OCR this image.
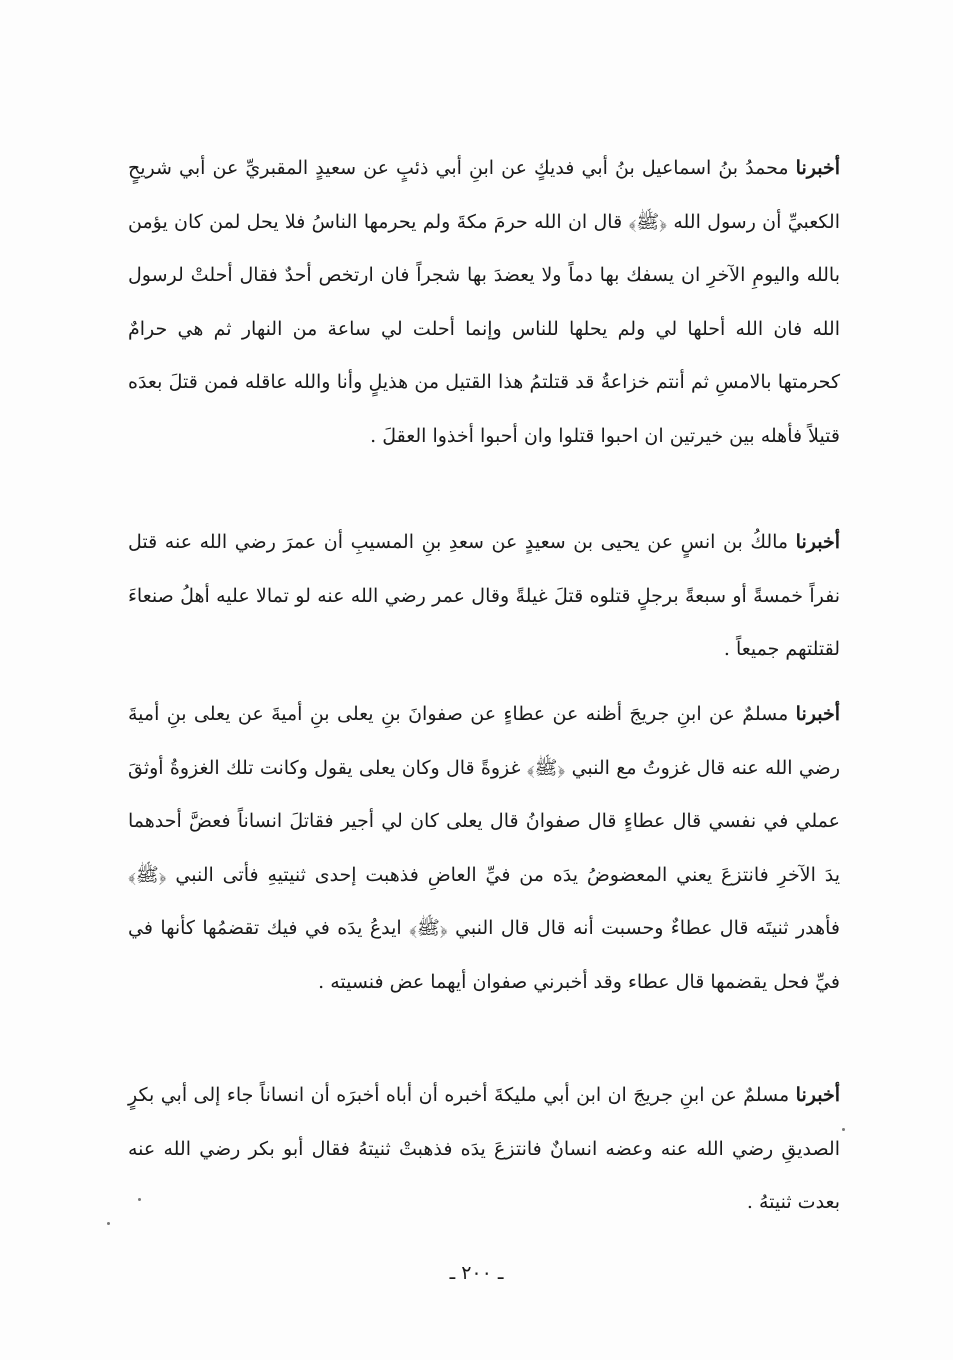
أخبرنا محمدُ بنُ اسماعيل بنُ أبي فديكٍ عن ابنِ أبي ذئبٍ عن سعيدٍ المقبريِّ عن أبي شريحٍ الكعبيِّ أن رسول الله ﴿ﷺ﴾ قال ان الله حرمَ مكةَ ولم يحرمها الناسُ فلا يحل لمن كان يؤمن بالله واليومِ الآخرِ ان يسفك بها دماً ولا يعضدَ بها شجراً فان ارتخص أحدٌ فقال أحلتْ لرسول الله فان الله أحلها لي ولم يحلها للناس وإنما أحلت لي ساعة من النهار ثم هي حرامٌ كحرمتها بالامسِ ثم أنتم خزاعةُ قد قتلتمُ هذا القتيل من هذيلٍ وأنا والله عاقله فمن قتلَ بعدَه قتيلاً فأهله بين خيرتين ان احبوا قتلوا وان أحبوا أخذوا العقلَ .

أخبرنا مالكُ بن انسٍ عن يحيى بن سعيدٍ عن سعدِ بنِ المسيبِ أن عمرَ رضي الله عنه قتل نفراً خمسةً أو سبعةً برجلٍ قتلوه قتلَ غيلةً وقال عمر رضي الله عنه لو تمالا عليه أهلُ صنعاءَ لقتلتهم جميعاً .

أخبرنا مسلمٌ عن ابنِ جريجَ أظنه عن عطاءٍ عن صفوانَ بنِ يعلى بنِ أميةَ عن يعلى بنِ أميةَ رضي الله عنه قال غزوتُ مع النبي ﴿ﷺ﴾ غزوةً قال وكان يعلى يقول وكانت تلك الغزوةُ أوثقَ عملي في نفسي قال عطاءٍ قال صفوانُ قال يعلى كان لي أجير فقاتلَ انساناً فعضَّ أحدهما يدَ الآخرِ فانتزعَ يعني المعضوضُ يدَه من فيِّ العاضِ فذهبت إحدى ثنيتيهِ فأتى النبي ﴿ﷺ﴾ فأهدر ثنيتَه قال عطاءٌ وحسبت أنه قال قال النبي ﴿ﷺ﴾ ايدعُ يدَه في فيك تقضمُها كأنها في فيِّ فحل يقضمها قال عطاء وقد أخبرني صفوان أيهما عض فنسيته .

أخبرنا مسلمٌ عن ابنِ جريجَ ان ابن أبي مليكةَ أخبره أن أباه أخبرَه أن انساناً جاء إلى أبي بكرٍ الصديقِ رضي الله عنه وعضه انسانٌ فانتزعَ يدَه فذهبتْ ثنيتهُ فقال أبو بكر رضي الله عنه بعدت ثنيتهُ .

ـ ٢٠٠ ـ
